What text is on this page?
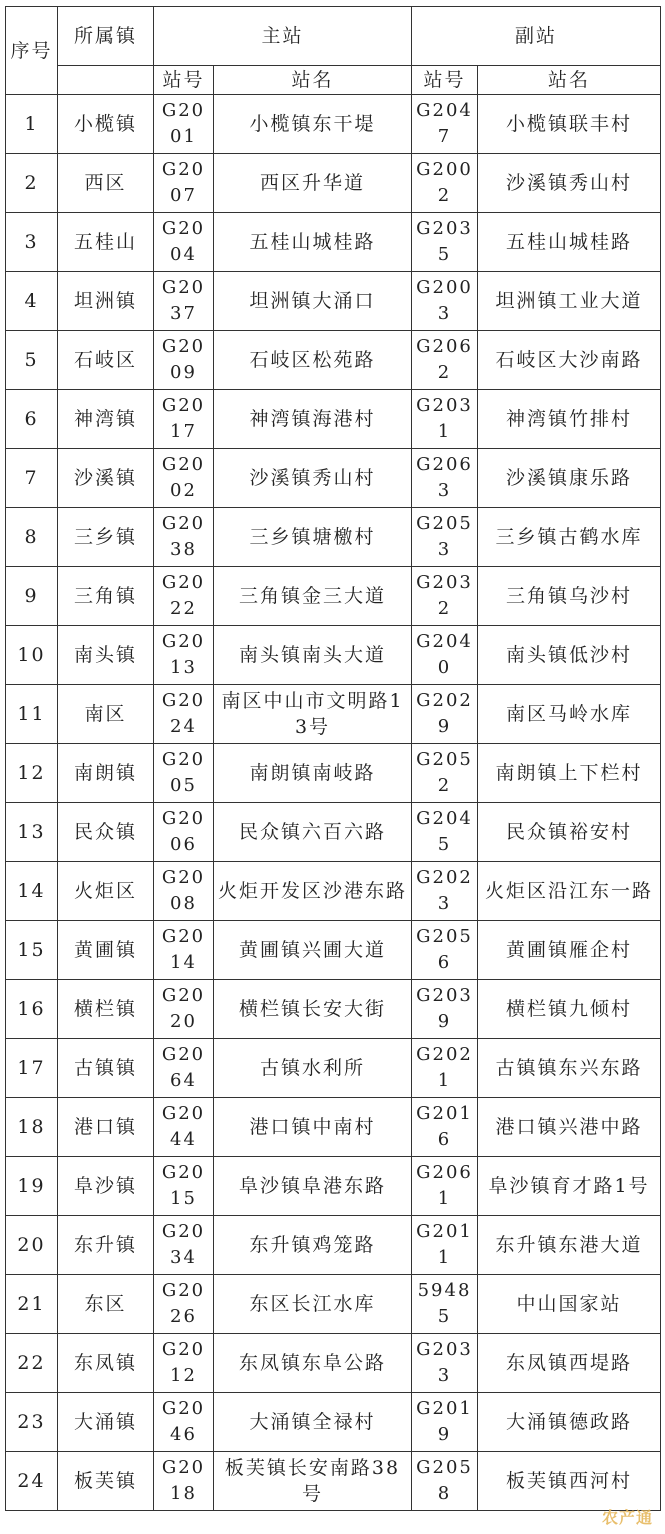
序号	所属镇	主站		副站	
		站号	站名	站号	站名
1	小榄镇	G2001	小榄镇东干堤	G2047	小榄镇联丰村
2	西区	G2007	西区升华道	G2002	沙溪镇秀山村
3	五桂山	G2004	五桂山城桂路	G2035	五桂山城桂路
4	坦洲镇	G2037	坦洲镇大涌口	G2003	坦洲镇工业大道
5	石岐区	G2009	石岐区松苑路	G2062	石岐区大沙南路
6	神湾镇	G2017	神湾镇海港村	G2031	神湾镇竹排村
7	沙溪镇	G2002	沙溪镇秀山村	G2063	沙溪镇康乐路
8	三乡镇	G2038	三乡镇塘檄村	G2053	三乡镇古鹤水库
9	三角镇	G2022	三角镇金三大道	G2032	三角镇乌沙村
10	南头镇	G2013	南头镇南头大道	G2040	南头镇低沙村
11	南区	G2024	南区中山市文明路13号	G2029	南区马岭水库
12	南朗镇	G2005	南朗镇南岐路	G2052	南朗镇上下栏村
13	民众镇	G2006	民众镇六百六路	G2045	民众镇裕安村
14	火炬区	G2008	火炬开发区沙港东路	G2023	火炬区沿江东一路
15	黄圃镇	G2014	黄圃镇兴圃大道	G2056	黄圃镇雁企村
16	横栏镇	G2020	横栏镇长安大街	G2039	横栏镇九倾村
17	古镇镇	G2064	古镇水利所	G2021	古镇镇东兴东路
18	港口镇	G2044	港口镇中南村	G2016	港口镇兴港中路
19	阜沙镇	G2015	阜沙镇阜港东路	G2061	阜沙镇育才路1号
20	东升镇	G2034	东升镇鸡笼路	G2011	东升镇东港大道
21	东区	G2026	东区长江水库	59485	中山国家站
22	东凤镇	G2012	东凤镇东阜公路	G2033	东凤镇西堤路
23	大涌镇	G2046	大涌镇全禄村	G2019	大涌镇德政路
24	板芙镇	G2018	板芙镇长安南路38号	G2058	板芙镇西河村
农产通
